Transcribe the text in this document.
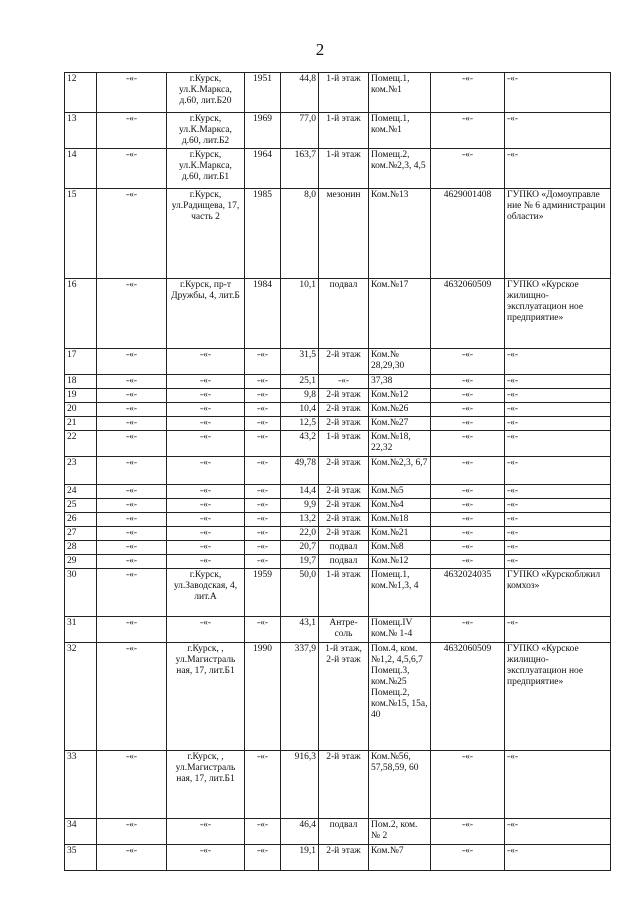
2
12	-«-	г.Курск, ул.К.Маркса, д.60, лит.Б20	1951	44,8	1-й этаж	Помещ.1, ком.№1	-«-	-«-
13	-«-	г.Курск, ул.К.Маркса, д.60, лит.Б2	1969	77,0	1-й этаж	Помещ.1, ком.№1	-«-	-«-
14	-«-	г.Курск, ул.К.Маркса, д.60, лит.Б1	1964	163,7	1-й этаж	Помещ.2, ком.№2,3, 4,5	-«-	-«-
15	-«-	г.Курск, ул.Радищева, 17, часть 2	1985	8,0	мезонин	Ком.№13	4629001408	ГУПКО «Домоуправле ние № 6 администрации области»
16	-«-	г.Курск, пр-т Дружбы, 4, лит.Б	1984	10,1	подвал	Ком.№17	4632060509	ГУПКО «Курское жилищно-эксплуатацион ное предприятие»
17	-«-	-«-	-«-	31,5	2-й этаж	Ком.№ 28,29,30	-«-	-«-
18	-«-	-«-	-«-	25,1	-«-	37,38	-«-	-«-
19	-«-	-«-	-«-	9,8	2-й этаж	Ком.№12	-«-	-«-
20	-«-	-«-	-«-	10,4	2-й этаж	Ком.№26	-«-	-«-
21	-«-	-«-	-«-	12,5	2-й этаж	Ком.№27	-«-	-«-
22	-«-	-«-	-«-	43,2	1-й этаж	Ком.№18, 22,32	-«-	-«-
23	-«-	-«-	-«-	49,78	2-й этаж	Ком.№2,3, 6,7	-«-	-«-
24	-«-	-«-	-«-	14,4	2-й этаж	Ком.№5	-«-	-«-
25	-«-	-«-	-«-	9,9	2-й этаж	Ком.№4	-«-	-«-
26	-«-	-«-	-«-	13,2	2-й этаж	Ком.№18	-«-	-«-
27	-«-	-«-	-«-	22,0	2-й этаж	Ком.№21	-«-	-«-
28	-«-	-«-	-«-	20,7	подвал	Ком.№8	-«-	-«-
29	-«-	-«-	-«-	19,7	подвал	Ком.№12	-«-	-«-
30	-«-	г.Курск, ул.Заводская, 4, лит.А	1959	50,0	1-й этаж	Помещ.1, ком.№1,3, 4	4632024035	ГУПКО «Курскоблжил комхоз»
31	-«-	-«-	-«-	43,1	Антре-соль	Помещ.IV ком.№ 1-4	-«-	-«-
32	-«-	г.Курск, , ул.Магистраль ная, 17, лит.Б1	1990	337,9	1-й этаж, 2-й этаж	Пом.4, ком.№1,2, 4,5,6,7 Помещ.3, ком.№25 Помещ.2, ком.№15, 15а, 40	4632060509	ГУПКО «Курское жилищно-эксплуатацион ное предприятие»
33	-«-	г.Курск, , ул.Магистраль ная, 17, лит.Б1	-«-	916,3	2-й этаж	Ком.№56, 57,58,59, 60	-«-	-«-
34	-«-	-«-	-«-	46,4	подвал	Пом.2, ком. № 2	-«-	-«-
35	-«-	-«-	-«-	19,1	2-й этаж	Ком.№7	-«-	-«-
